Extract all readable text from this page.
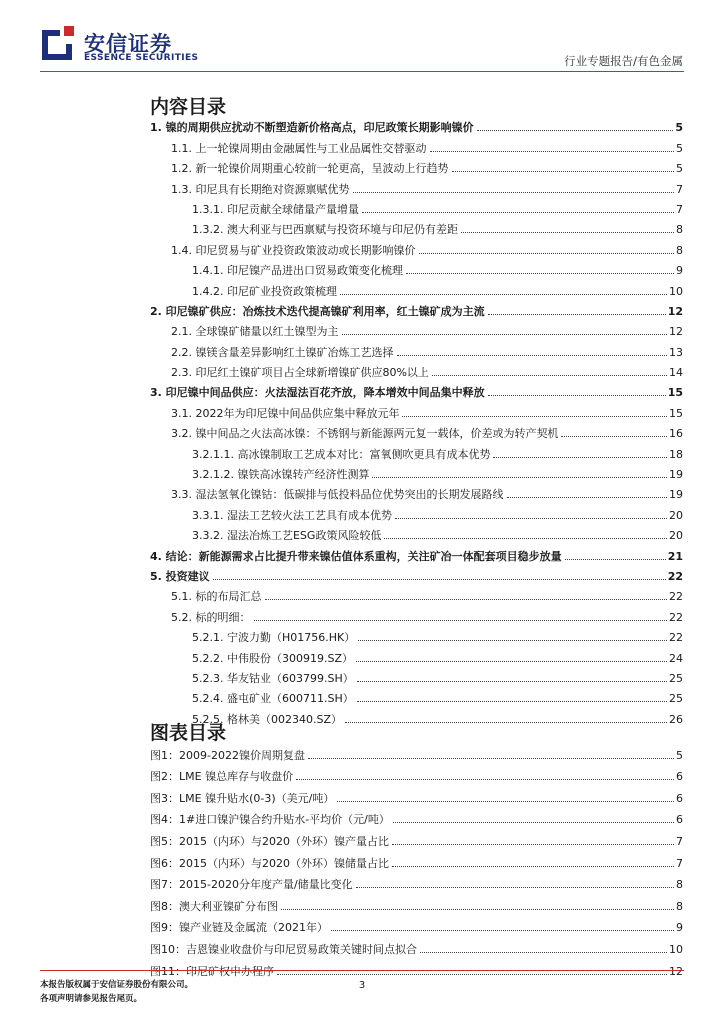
安信证券
ESSENCE SECURITIES	行业专题报告/有色金属
内容目录
1. 镍的周期供应扰动不断塑造新价格高点，印尼政策长期影响镍价	5
1.1. 上一轮镍周期由金融属性与工业品属性交替驱动	5
1.2. 新一轮镍价周期重心较前一轮更高，呈波动上行趋势	5
1.3. 印尼具有长期绝对资源禀赋优势	7
1.3.1. 印尼贡献全球储量产量增量	7
1.3.2. 澳大利亚与巴西禀赋与投资环境与印尼仍有差距	8
1.4. 印尼贸易与矿业投资政策波动或长期影响镍价	8
1.4.1. 印尼镍产品进出口贸易政策变化梳理	9
1.4.2. 印尼矿业投资政策梳理	10
2. 印尼镍矿供应：冶炼技术迭代提高镍矿利用率，红土镍矿成为主流	12
2.1. 全球镍矿储量以红土镍型为主	12
2.2. 镍镁含量差异影响红土镍矿冶炼工艺选择	13
2.3. 印尼红土镍矿项目占全球新增镍矿供应80%以上	14
3. 印尼镍中间品供应：火法湿法百花齐放，降本增效中间品集中释放	15
3.1. 2022年为印尼镍中间品供应集中释放元年	15
3.2. 镍中间品之火法高冰镍：不锈钢与新能源两元复一载体，价差或为转产契机	16
3.2.1.1. 高冰镍制取工艺成本对比：富氧侧吹更具有成本优势	18
3.2.1.2. 镍铁高冰镍转产经济性测算	19
3.3. 湿法氢氧化镍钴：低碳排与低投料品位优势突出的长期发展路线	19
3.3.1. 湿法工艺较火法工艺具有成本优势	20
3.3.2. 湿法冶炼工艺ESG政策风险较低	20
4. 结论：新能源需求占比提升带来镍估值体系重构，关注矿冶一体配套项目稳步放量	21
5. 投资建议	22
5.1. 标的布局汇总	22
5.2. 标的明细：	22
5.2.1. 宁波力勤（H01756.HK）	22
5.2.2. 中伟股份（300919.SZ）	24
5.2.3. 华友钴业（603799.SH）	25
5.2.4. 盛屯矿业（600711.SH）	25
5.2.5. 格林美（002340.SZ）	26
图表目录
图1：2009-2022镍价周期复盘	5
图2：LME 镍总库存与收盘价	6
图3：LME 镍升贴水(0-3)（美元/吨）	6
图4：1#进口镍沪镍合约升贴水-平均价（元/吨）	6
图5：2015（内环）与2020（外环）镍产量占比	7
图6：2015（内环）与2020（外环）镍储量占比	7
图7：2015-2020分年度产量/储量比变化	8
图8：澳大利亚镍矿分布图	8
图9：镍产业链及金属流（2021年）	9
图10：吉恩镍业收盘价与印尼贸易政策关键时间点拟合	10
图11：印尼矿权申办程序	12
本报告版权属于安信证券股份有限公司。
各项声明请参见报告尾页。
3
